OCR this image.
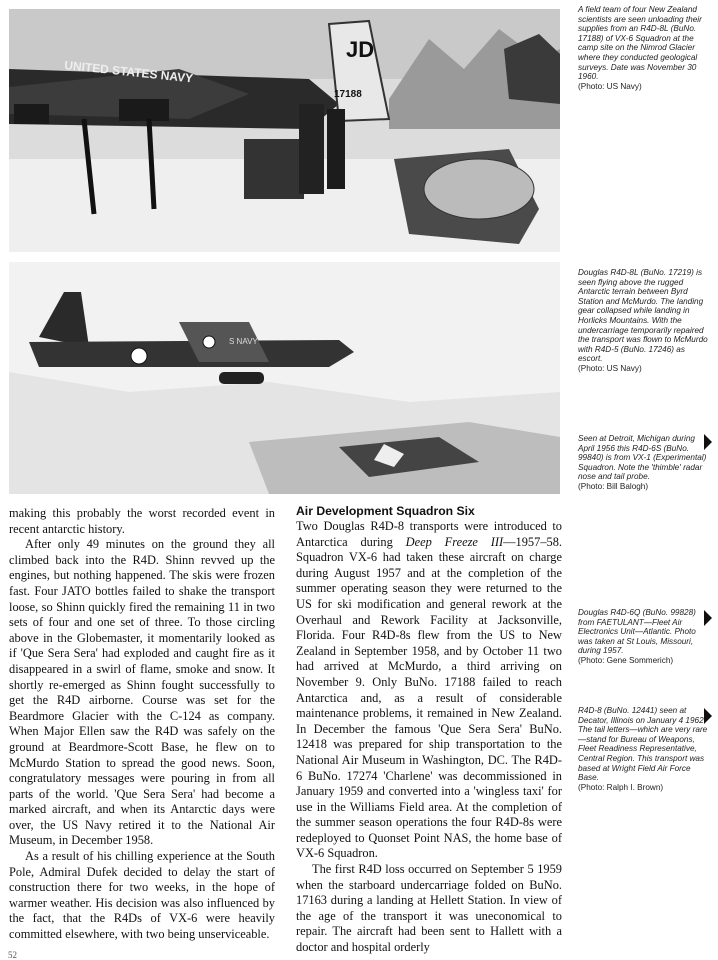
UNITED STATES NAVY
JD
17188
A field team of four New Zealand scientists are seen unloading their supplies from an R4D-8L (BuNo. 17188) of VX-6 Squadron at the camp site on the Nimrod Glacier where they conducted geological surveys. Date was November 30 1960.
(Photo: US Navy)
S NAVY
Douglas R4D-8L (BuNo. 17219) is seen flying above the rugged Antarctic terrain between Byrd Station and McMurdo. The landing gear collapsed while landing in Horlicks Mountains. With the undercarriage temporarily repaired the transport was flown to McMurdo with R4D-5 (BuNo. 17246) as escort.
(Photo: US Navy)
Seen at Detroit, Michigan during April 1956 this R4D-6S (BuNo. 99840) is from VX-1 (Experimental) Squadron. Note the 'thimble' radar nose and tail probe.
(Photo: Bill Balogh)

making this probably the worst recorded event in recent antarctic history.

After only 49 minutes on the ground they all climbed back into the R4D. Shinn revved up the engines, but nothing happened. The skis were frozen fast. Four JATO bottles failed to shake the transport loose, so Shinn quickly fired the remaining 11 in two sets of four and one set of three. To those circling above in the Globemaster, it momentarily looked as if 'Que Sera Sera' had exploded and caught fire as it disappeared in a swirl of flame, smoke and snow. It shortly re-emerged as Shinn fought successfully to get the R4D airborne. Course was set for the Beardmore Glacier with the C-124 as company. When Major Ellen saw the R4D was safely on the ground at Beardmore-Scott Base, he flew on to McMurdo Station to spread the good news. Soon, congratulatory messages were pouring in from all parts of the world. 'Que Sera Sera' had become a marked aircraft, and when its Antarctic days were over, the US Navy retired it to the National Air Museum, in December 1958.

As a result of his chilling experience at the South Pole, Admiral Dufek decided to delay the start of construction there for two weeks, in the hope of warmer weather. His decision was also influenced by the fact, that the R4Ds of VX-6 were heavily committed elsewhere, with two being unserviceable.

Air Development Squadron Six

Two Douglas R4D-8 transports were introduced to Antarctica during Deep Freeze III—1957–58. Squadron VX-6 had taken these aircraft on charge during August 1957 and at the completion of the summer operating season they were returned to the US for ski modification and general rework at the Overhaul and Rework Facility at Jacksonville, Florida. Four R4D-8s flew from the US to New Zealand in September 1958, and by October 11 two had arrived at McMurdo, a third arriving on November 9. Only BuNo. 17188 failed to reach Antarctica and, as a result of considerable maintenance problems, it remained in New Zealand. In December the famous 'Que Sera Sera' BuNo. 12418 was prepared for ship transportation to the National Air Museum in Washington, DC. The R4D-6 BuNo. 17274 'Charlene' was decommissioned in January 1959 and converted into a 'wingless taxi' for use in the Williams Field area. At the completion of the summer season operations the four R4D-8s were redeployed to Quonset Point NAS, the home base of VX-6 Squadron.

The first R4D loss occurred on September 5 1959 when the starboard undercarriage folded on BuNo. 17163 during a landing at Hellett Station. In view of the age of the transport it was uneconomical to repair. The aircraft had been sent to Hallett with a doctor and hospital orderly

Douglas R4D-6Q (BuNo. 99828) from FAETULANT—Fleet Air Electronics Unit—Atlantic. Photo was taken at St Louis, Missouri, during 1957.
(Photo: Gene Sommerich)
R4D-8 (BuNo. 12441) seen at Decator, Illinois on January 4 1962. The tail letters—which are very rare—stand for Bureau of Weapons, Fleet Readiness Representative, Central Region. This transport was based at Wright Field Air Force Base.
(Photo: Ralph I. Brown)
52
